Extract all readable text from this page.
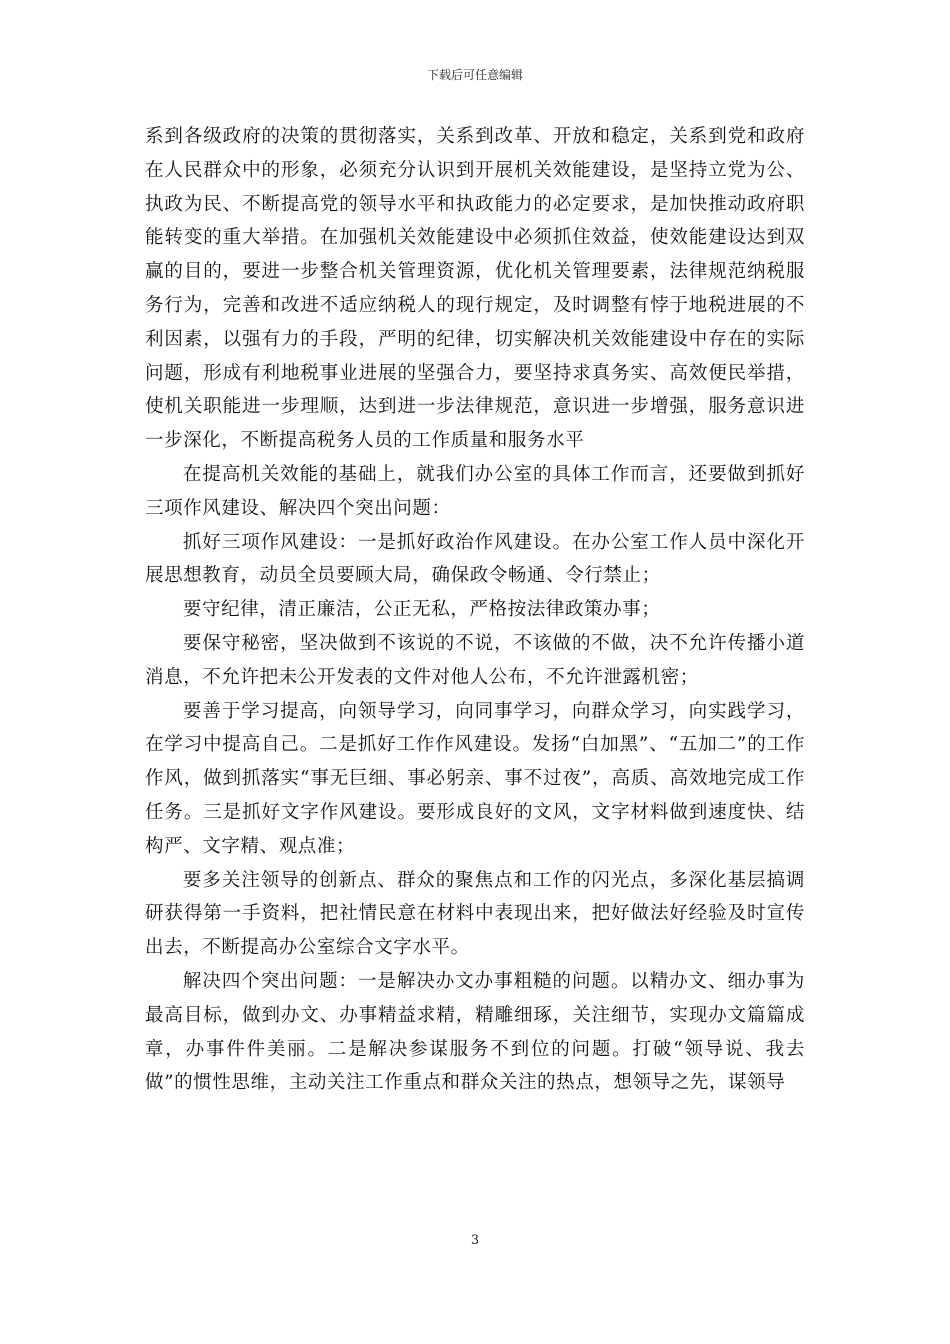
下载后可任意编辑

系到各级政府的决策的贯彻落实，关系到改革、开放和稳定，关系到党和政府在人民群众中的形象，必须充分认识到开展机关效能建设，是坚持立党为公、执政为民、不断提高党的领导水平和执政能力的必定要求，是加快推动政府职能转变的重大举措。在加强机关效能建设中必须抓住效益，使效能建设达到双赢的目的，要进一步整合机关管理资源，优化机关管理要素，法律规范纳税服务行为，完善和改进不适应纳税人的现行规定，及时调整有悖于地税进展的不利因素，以强有力的手段，严明的纪律，切实解决机关效能建设中存在的实际问题，形成有利地税事业进展的坚强合力，要坚持求真务实、高效便民举措，使机关职能进一步理顺，达到进一步法律规范，意识进一步增强，服务意识进一步深化，不断提高税务人员的工作质量和服务水平

在提高机关效能的基础上，就我们办公室的具体工作而言，还要做到抓好三项作风建设、解决四个突出问题：

抓好三项作风建设：一是抓好政治作风建设。在办公室工作人员中深化开展思想教育，动员全员要顾大局，确保政令畅通、令行禁止；

要守纪律，清正廉洁，公正无私，严格按法律政策办事；

要保守秘密，坚决做到不该说的不说，不该做的不做，决不允许传播小道消息，不允许把未公开发表的文件对他人公布，不允许泄露机密；

要善于学习提高，向领导学习，向同事学习，向群众学习，向实践学习，在学习中提高自己。二是抓好工作作风建设。发扬“白加黑”、“五加二”的工作作风，做到抓落实“事无巨细、事必躬亲、事不过夜”，高质、高效地完成工作任务。三是抓好文字作风建设。要形成良好的文风，文字材料做到速度快、结构严、文字精、观点准；

要多关注领导的创新点、群众的聚焦点和工作的闪光点，多深化基层搞调研获得第一手资料，把社情民意在材料中表现出来，把好做法好经验及时宣传出去，不断提高办公室综合文字水平。

解决四个突出问题：一是解决办文办事粗糙的问题。以精办文、细办事为最高目标，做到办文、办事精益求精，精雕细琢，关注细节，实现办文篇篇成章，办事件件美丽。二是解决参谋服务不到位的问题。打破“领导说、我去做”的惯性思维，主动关注工作重点和群众关注的热点，想领导之先，谋领导

3
